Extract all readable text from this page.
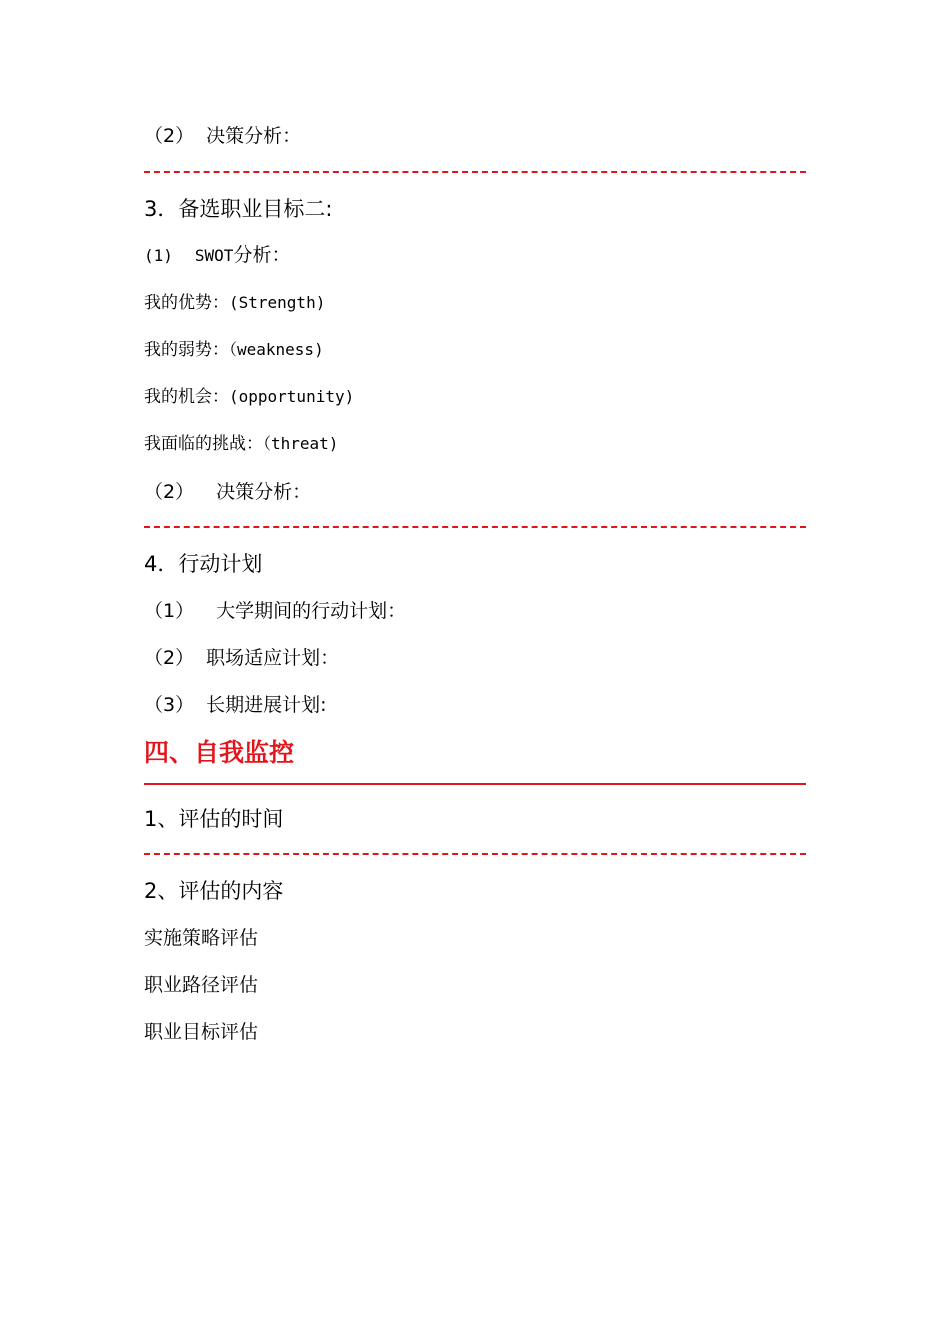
（2） 决策分析：
3．备选职业目标二:
(1) SWOT分析：
我的优势：(Strength)
我的弱势：（weakness)
我的机会：(opportunity)
我面临的挑战：（threat)
（2） 决策分析：
4．行动计划
（1） 大学期间的行动计划：
（2） 职场适应计划：
（3） 长期进展计划:
四、自我监控
1、评估的时间
2、评估的内容
实施策略评估
职业路径评估
职业目标评估
